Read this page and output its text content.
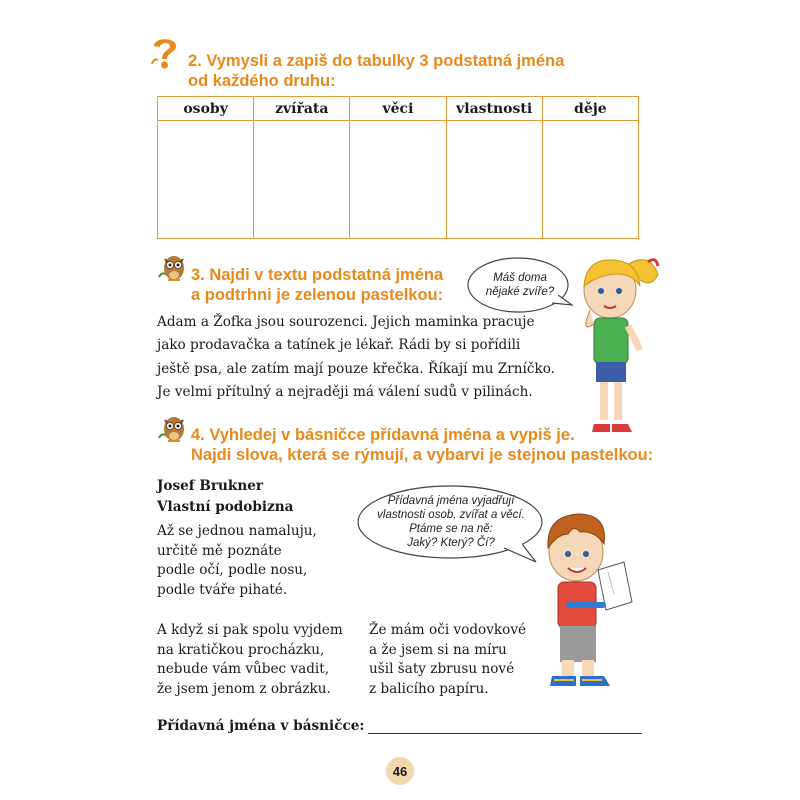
2. Vymysli a zapiš do tabulky 3 podstatná jména
od každého druhu:
osoby	zvířata	věci	vlastnosti	děje

3. Najdi v textu podstatná jména
a podtrhni je zelenou pastelkou:
Adam a Žofka jsou sourozenci. Jejich maminka pracuje
jako prodavačka a tatínek je lékař. Rádi by si pořídili
ještě psa, ale zatím mají pouze křečka. Říkají mu Zrníčko.
Je velmi přítulný a nejraději má válení sudů v pilinách.
Máš doma
nějaké zvíře?
4. Vyhledej v básničce přídavná jména a vypiš je.
Najdi slova, která se rýmují, a vybarvi je stejnou pastelkou:
Josef Brukner
Vlastní podobizna
Až se jednou namaluju,
určitě mě poznáte
podle očí, podle nosu,
podle tváře pihaté.
A když si pak spolu vyjdem
na kratičkou procházku,
nebude vám vůbec vadit,
že jsem jenom z obrázku.
Že mám oči vodovkové
a že jsem si na míru
ušil šaty zbrusu nové
z balicího papíru.
Přídavná jména vyjadřují
vlastnosti osob, zvířat a věcí.
Ptáme se na ně:
Jaký? Který? Čí?
Přídavná jména v básničce:
46
